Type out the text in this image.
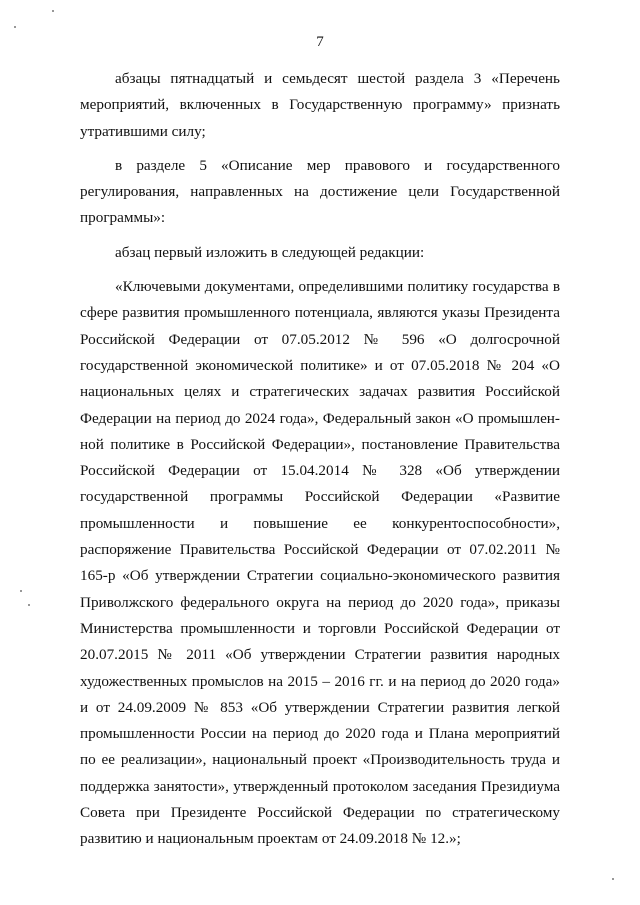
7

абзацы пятнадцатый и семьдесят шестой раздела 3 «Перечень мероприятий, включенных в Государственную программу» признать утратившими силу;

в разделе 5 «Описание мер правового и государственного регулирования, направленных на достижение цели Государственной программы»:

абзац первый изложить в следующей редакции:

«Ключевыми документами, определившими политику государства в сфере развития промышленного потенциала, являются указы Президента Российской Федерации от 07.05.2012 № 596 «О долгосрочной государственной экономической политике» и от 07.05.2018 № 204 «О национальных целях и стратегических задачах развития Российской Федерации на период до 2024 года», Федеральный закон «О промышлен-ной политике в Российской Федерации», постановление Правительства Российской Федерации от 15.04.2014 № 328 «Об утверждении государственной программы Российской Федерации «Развитие промышленности и повышение ее конкурентоспособности», распоряжение Правительства Российской Федерации от 07.02.2011 № 165-р «Об утверждении Стратегии социально-экономического развития Приволжского федерального округа на период до 2020 года», приказы Министерства промышленности и торговли Российской Федерации от 20.07.2015 № 2011 «Об утверждении Стратегии развития народных художественных промыслов на 2015 – 2016 гг. и на период до 2020 года» и от 24.09.2009 № 853 «Об утверждении Стратегии развития легкой промышленности России на период до 2020 года и Плана мероприятий по ее реализации», национальный проект «Производительность труда и поддержка занятости», утвержденный протоколом заседания Президиума Совета при Президенте Российской Федерации по стратегическому развитию и национальным проектам от 24.09.2018 № 12.»;
